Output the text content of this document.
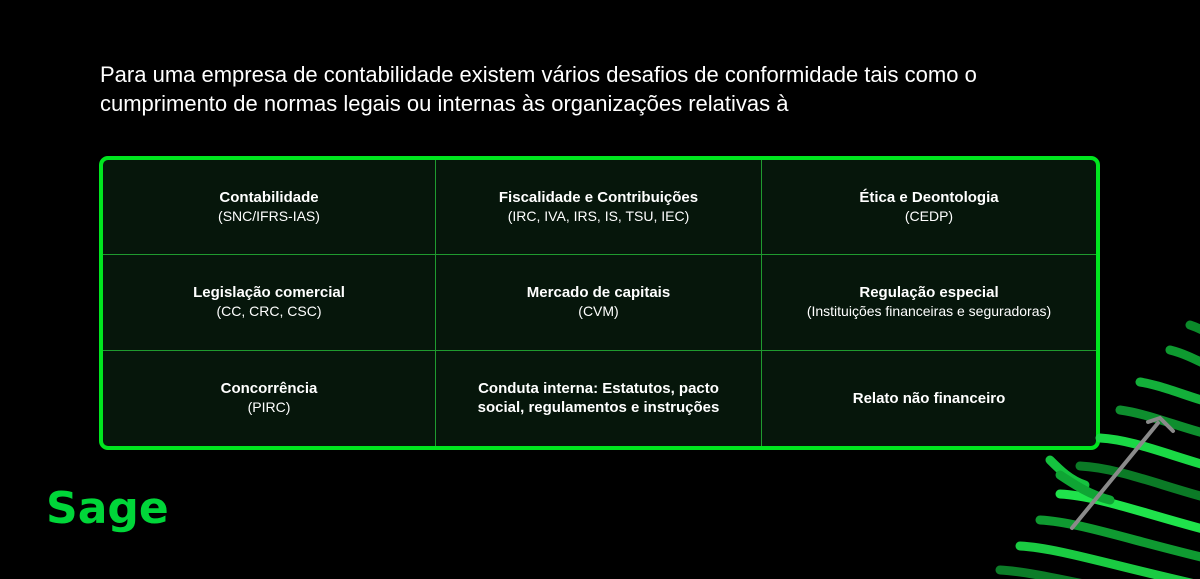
Para uma empresa de contabilidade existem vários desafios de conformidade tais como o cumprimento de normas legais ou internas às organizações relativas à

Contabilidade
(SNC/IFRS-IAS)
Fiscalidade e Contribuições
(IRC, IVA, IRS, IS, TSU, IEC)
Ética e Deontologia
(CEDP)
Legislação comercial
(CC, CRC, CSC)
Mercado de capitais
(CVM)
Regulação especial
(Instituições financeiras e seguradoras)
Concorrência
(PIRC)
Conduta interna: Estatutos, pacto social, regulamentos e instruções
Relato não financeiro
Sage
